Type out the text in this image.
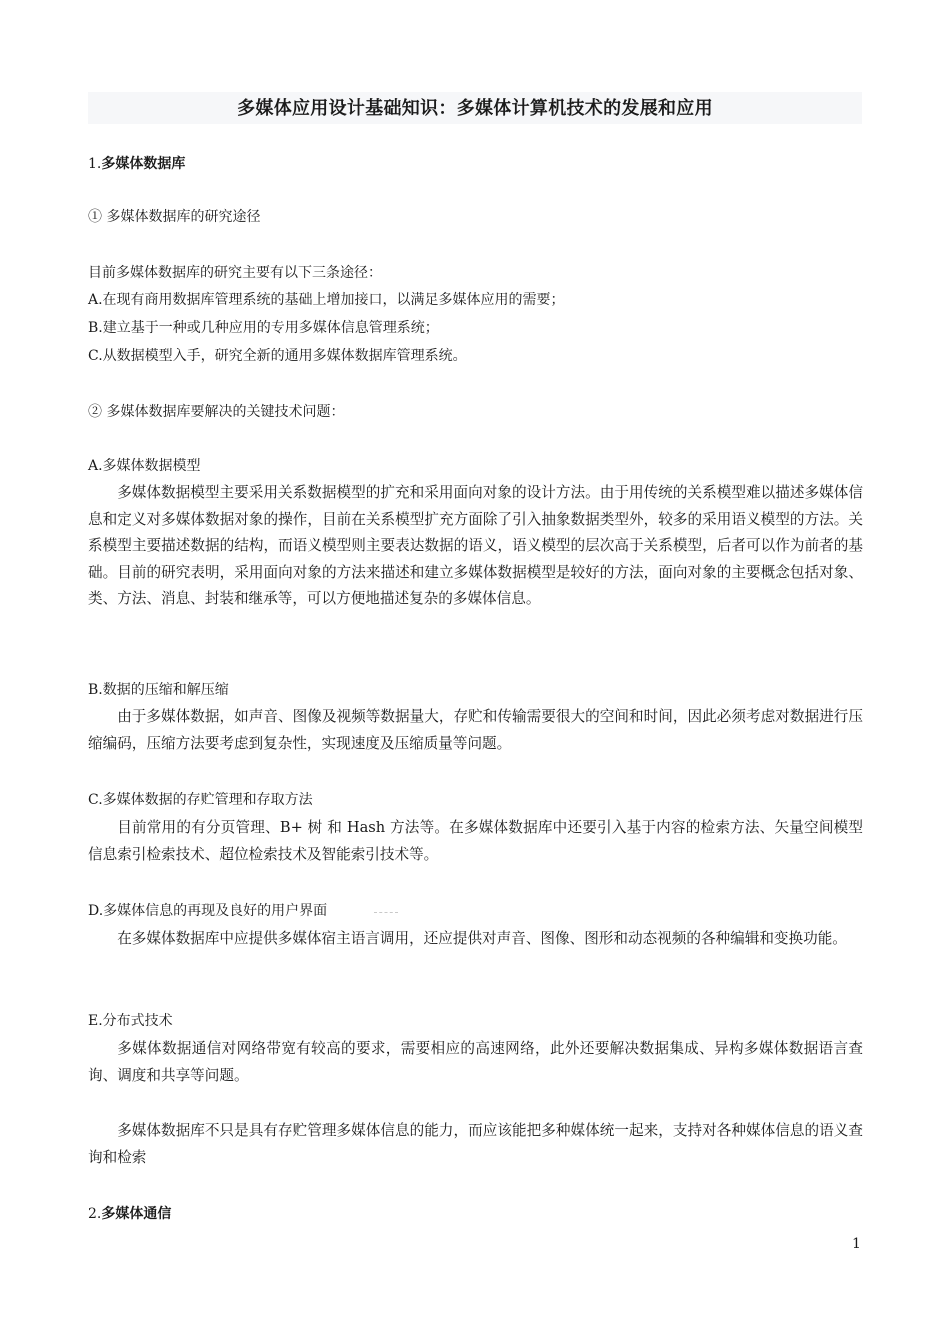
多媒体应用设计基础知识：多媒体计算机技术的发展和应用
1.多媒体数据库
① 多媒体数据库的研究途径
目前多媒体数据库的研究主要有以下三条途径：
A.在现有商用数据库管理系统的基础上增加接口，以满足多媒体应用的需要；
B.建立基于一种或几种应用的专用多媒体信息管理系统；
C.从数据模型入手，研究全新的通用多媒体数据库管理系统。
② 多媒体数据库要解决的关键技术问题：
A.多媒体数据模型
多媒体数据模型主要采用关系数据模型的扩充和采用面向对象的设计方法。由于用传统的关系模型难以描述多媒体信息和定义对多媒体数据对象的操作，目前在关系模型扩充方面除了引入抽象数据类型外，较多的采用语义模型的方法。关系模型主要描述数据的结构，而语义模型则主要表达数据的语义，语义模型的层次高于关系模型，后者可以作为前者的基础。目前的研究表明，采用面向对象的方法来描述和建立多媒体数据模型是较好的方法，面向对象的主要概念包括对象、类、方法、消息、封装和继承等，可以方便地描述复杂的多媒体信息。
B.数据的压缩和解压缩
由于多媒体数据，如声音、图像及视频等数据量大，存贮和传输需要很大的空间和时间，因此必须考虑对数据进行压缩编码，压缩方法要考虑到复杂性，实现速度及压缩质量等问题。
C.多媒体数据的存贮管理和存取方法
目前常用的有分页管理、B+ 树 和 Hash 方法等。在多媒体数据库中还要引入基于内容的检索方法、矢量空间模型信息索引检索技术、超位检索技术及智能索引技术等。
D.多媒体信息的再现及良好的用户界面
在多媒体数据库中应提供多媒体宿主语言调用，还应提供对声音、图像、图形和动态视频的各种编辑和变换功能。
E.分布式技术
多媒体数据通信对网络带宽有较高的要求，需要相应的高速网络，此外还要解决数据集成、异构多媒体数据语言查询、调度和共享等问题。
多媒体数据库不只是具有存贮管理多媒体信息的能力，而应该能把多种媒体统一起来，支持对各种媒体信息的语义查询和检索
2.多媒体通信
1
